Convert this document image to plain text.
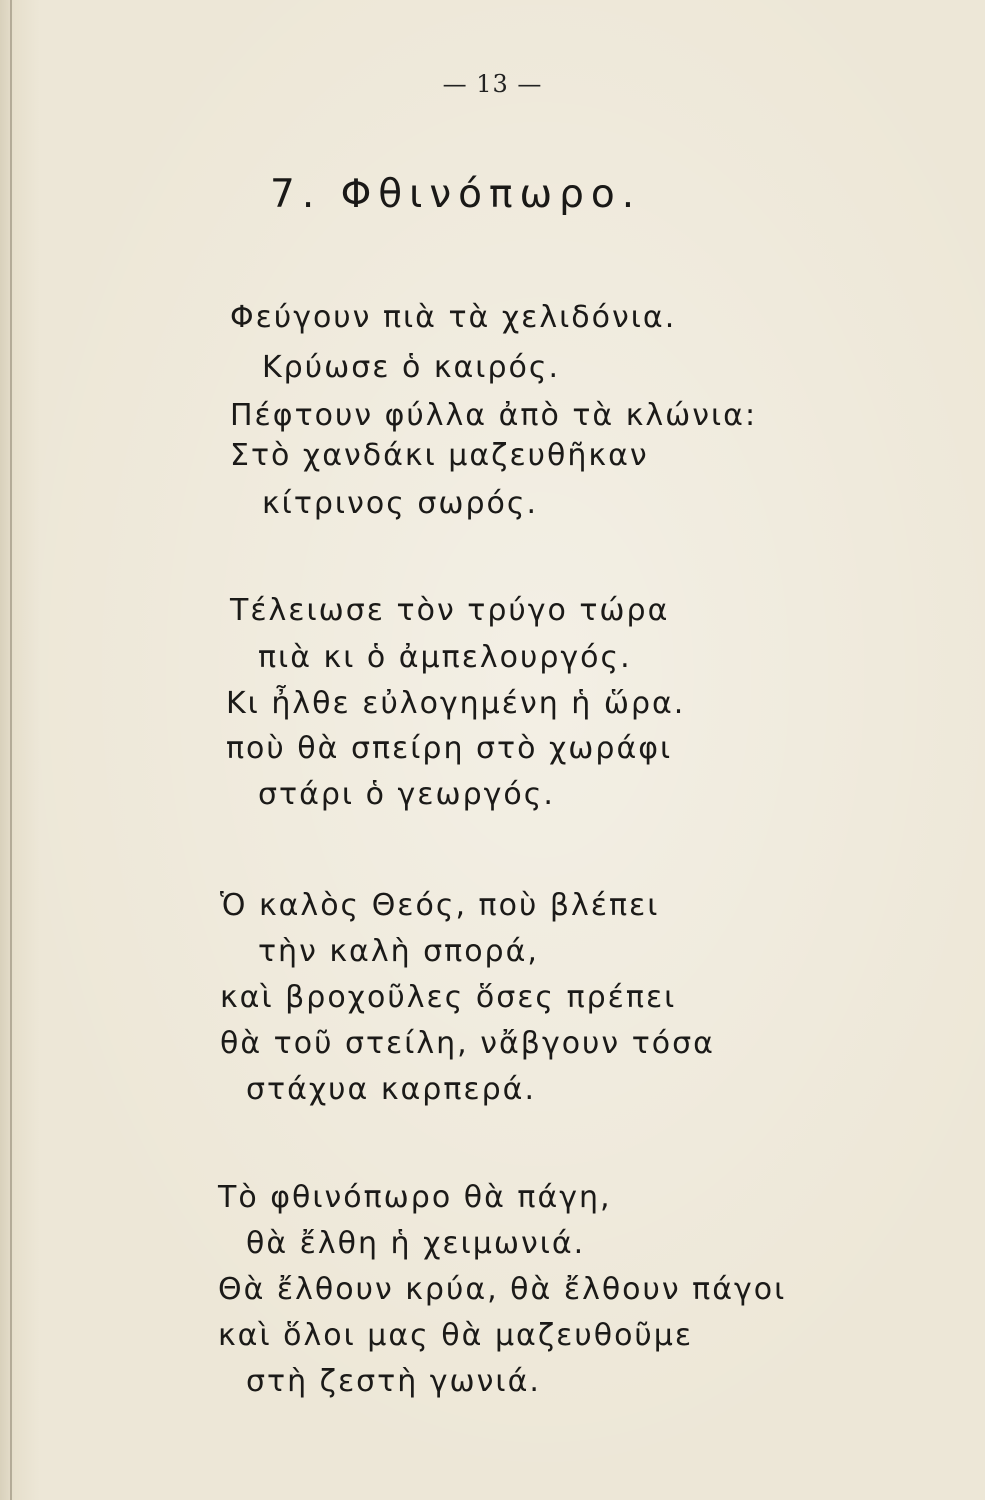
— 13 —
7. Φθινόπωρο.
Φεύγουν πιὰ τὰ χελιδόνια.
Κρύωσε ὁ καιρός.
Πέφτουν φύλλα ἀπὸ τὰ κλώνια:
Στὸ χανδάκι μαζευθῆκαν
κίτρινος σωρός.
Τέλειωσε τὸν τρύγο τώρα
πιὰ κι ὁ ἀμπελουργός.
Κι ἦλθε εὐλογημένη ἡ ὥρα.
ποὺ θὰ σπείρη στὸ χωράφι
στάρι ὁ γεωργός.
Ὁ καλὸς Θεός, ποὺ βλέπει
τὴν καλὴ σπορά,
καὶ βροχοῦλες ὅσες πρέπει
θὰ τοῦ στείλη, νἄβγουν τόσα
στάχυα καρπερά.
Τὸ φθινόπωρο θὰ πάγη,
θὰ ἔλθη ἡ χειμωνιά.
Θὰ ἔλθουν κρύα, θὰ ἔλθουν πάγοι
καὶ ὅλοι μας θὰ μαζευθοῦμε
στὴ ζεστὴ γωνιά.
